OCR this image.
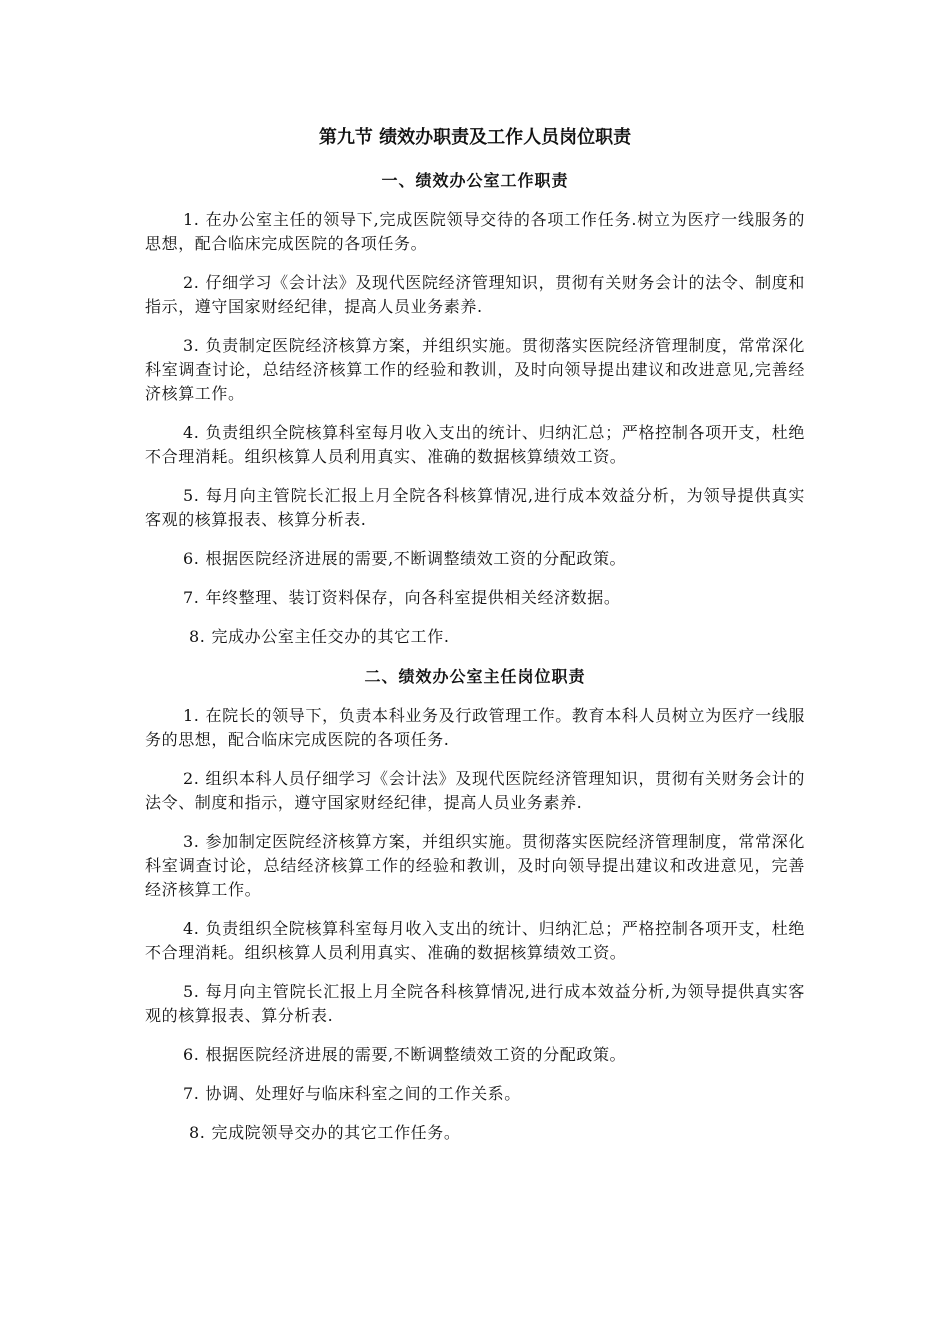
第九节 绩效办职责及工作人员岗位职责
一、绩效办公室工作职责

1. 在办公室主任的领导下,完成医院领导交待的各项工作任务.树立为医疗一线服务的思想，配合临床完成医院的各项任务。

2. 仔细学习《会计法》及现代医院经济管理知识，贯彻有关财务会计的法令、制度和指示，遵守国家财经纪律，提高人员业务素养.

3. 负责制定医院经济核算方案，并组织实施。贯彻落实医院经济管理制度，常常深化科室调查讨论，总结经济核算工作的经验和教训，及时向领导提出建议和改进意见,完善经济核算工作。

4. 负责组织全院核算科室每月收入支出的统计、归纳汇总；严格控制各项开支，杜绝不合理消耗。组织核算人员利用真实、准确的数据核算绩效工资。

5. 每月向主管院长汇报上月全院各科核算情况,进行成本效益分析，为领导提供真实客观的核算报表、核算分析表.

6. 根据医院经济进展的需要,不断调整绩效工资的分配政策。

7. 年终整理、装订资料保存，向各科室提供相关经济数据。

8. 完成办公室主任交办的其它工作.

二、绩效办公室主任岗位职责

1. 在院长的领导下，负责本科业务及行政管理工作。教育本科人员树立为医疗一线服务的思想，配合临床完成医院的各项任务.

2. 组织本科人员仔细学习《会计法》及现代医院经济管理知识，贯彻有关财务会计的法令、制度和指示，遵守国家财经纪律，提高人员业务素养.

3. 参加制定医院经济核算方案，并组织实施。贯彻落实医院经济管理制度，常常深化科室调查讨论，总结经济核算工作的经验和教训，及时向领导提出建议和改进意见，完善经济核算工作。

4. 负责组织全院核算科室每月收入支出的统计、归纳汇总；严格控制各项开支，杜绝不合理消耗。组织核算人员利用真实、准确的数据核算绩效工资。

5. 每月向主管院长汇报上月全院各科核算情况,进行成本效益分析,为领导提供真实客观的核算报表、算分析表.

6. 根据医院经济进展的需要,不断调整绩效工资的分配政策。

7. 协调、处理好与临床科室之间的工作关系。

8. 完成院领导交办的其它工作任务。
